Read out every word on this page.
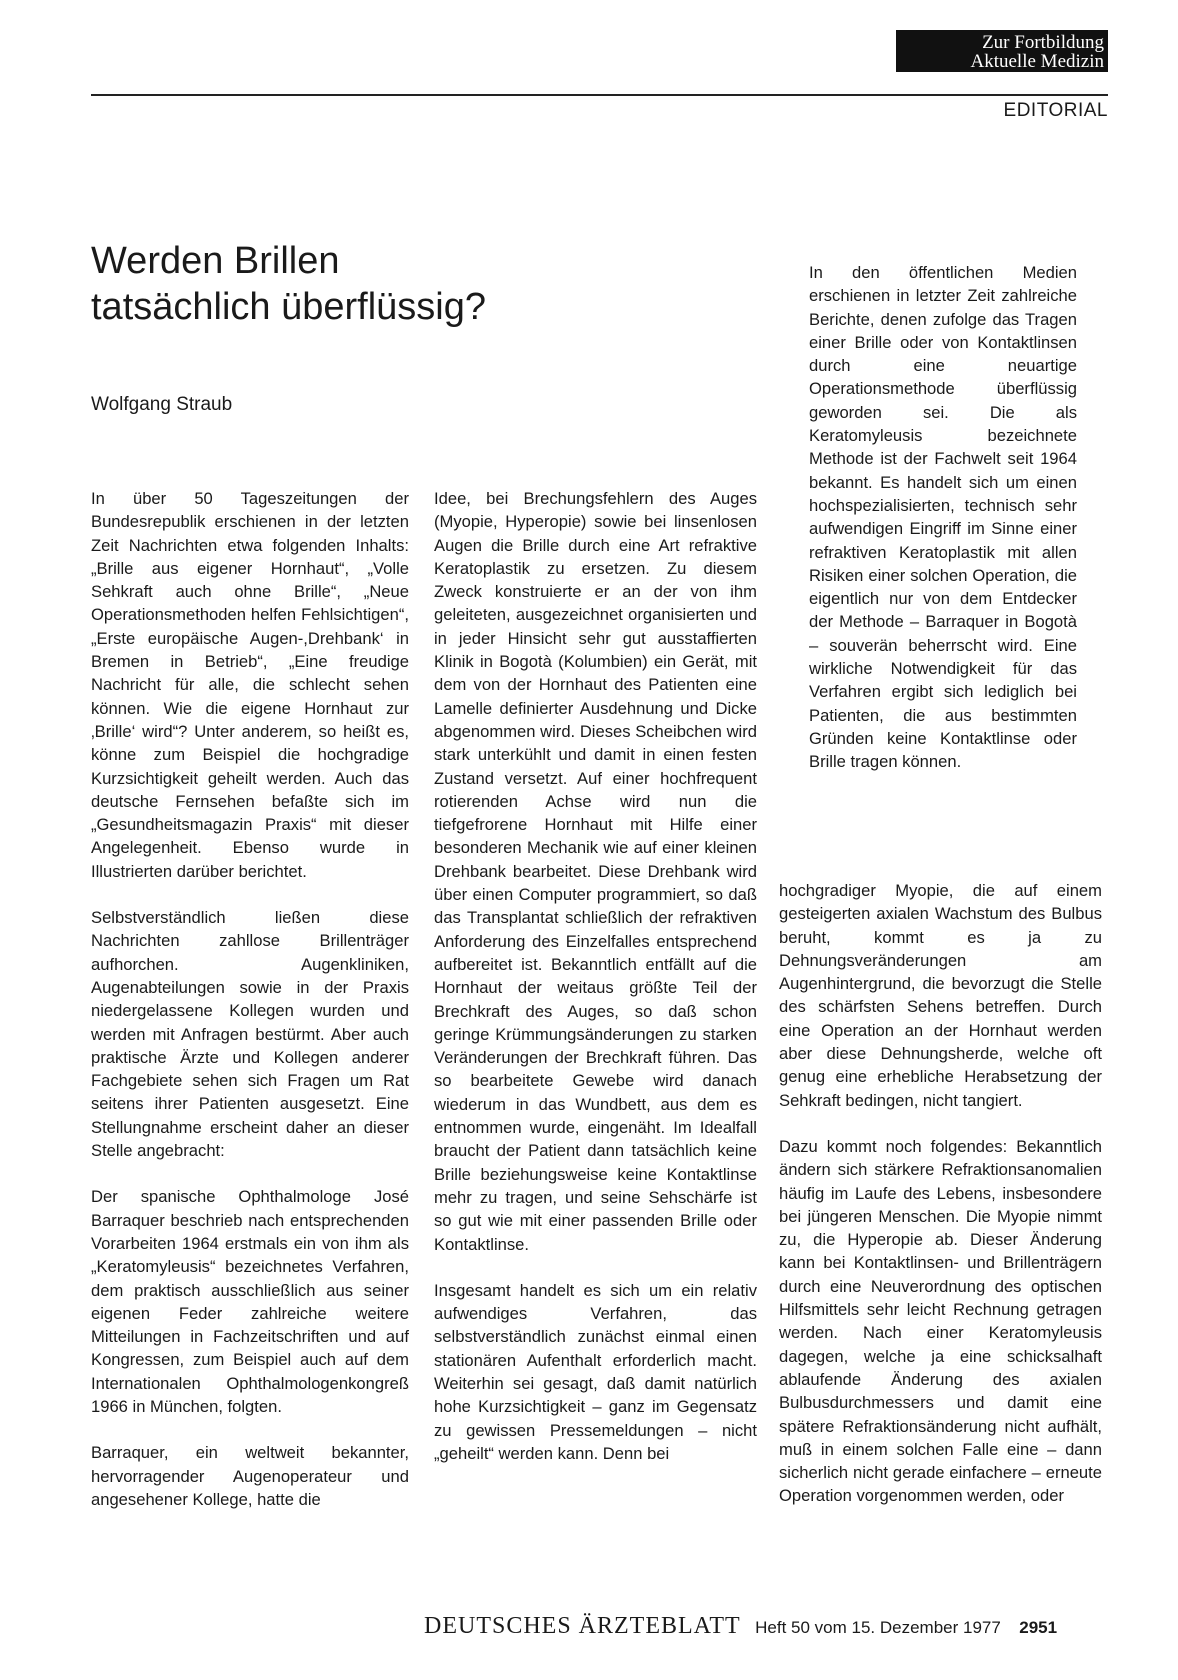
Zur Fortbildung
Aktuelle Medizin
EDITORIAL
Werden Brillen
tatsächlich überflüssig?
Wolfgang Straub

In den öffentlichen Medien erschienen in letzter Zeit zahlreiche Berichte, denen zufolge das Tragen einer Brille oder von Kontaktlinsen durch eine neuartige Operationsmethode überflüssig geworden sei. Die als Keratomyleusis bezeichnete Methode ist der Fachwelt seit 1964 bekannt. Es handelt sich um einen hochspezialisierten, technisch sehr aufwendigen Eingriff im Sinne einer refraktiven Keratoplastik mit allen Risiken einer solchen Operation, die eigentlich nur von dem Entdecker der Methode – Barraquer in Bogotà – souverän beherrscht wird. Eine wirkliche Notwendigkeit für das Verfahren ergibt sich lediglich bei Patienten, die aus bestimmten Gründen keine Kontaktlinse oder Brille tragen können.

In über 50 Tageszeitungen der Bundesrepublik erschienen in der letzten Zeit Nachrichten etwa folgenden Inhalts: „Brille aus eigener Hornhaut“, „Volle Sehkraft auch ohne Brille“, „Neue Operationsmethoden helfen Fehlsichtigen“, „Erste europäische Augen-,Drehbank‘ in Bremen in Betrieb“, „Eine freudige Nachricht für alle, die schlecht sehen können. Wie die eigene Hornhaut zur ‚Brille‘ wird“? Unter anderem, so heißt es, könne zum Beispiel die hochgradige Kurzsichtigkeit geheilt werden. Auch das deutsche Fernsehen befaßte sich im „Gesundheitsmagazin Praxis“ mit dieser Angelegenheit. Ebenso wurde in Illustrierten darüber berichtet.

Selbstverständlich ließen diese Nachrichten zahllose Brillenträger aufhorchen. Augenkliniken, Augenabteilungen sowie in der Praxis niedergelassene Kollegen wurden und werden mit Anfragen bestürmt. Aber auch praktische Ärzte und Kollegen anderer Fachgebiete sehen sich Fragen um Rat seitens ihrer Patienten ausgesetzt. Eine Stellungnahme erscheint daher an dieser Stelle angebracht:

Der spanische Ophthalmologe José Barraquer beschrieb nach entsprechenden Vorarbeiten 1964 erstmals ein von ihm als „Keratomyleusis“ bezeichnetes Verfahren, dem praktisch ausschließlich aus seiner eigenen Feder zahlreiche weitere Mitteilungen in Fachzeitschriften und auf Kongressen, zum Beispiel auch auf dem Internationalen Ophthalmologenkongreß 1966 in München, folgten.

Barraquer, ein weltweit bekannter, hervorragender Augenoperateur und angesehener Kollege, hatte die

Idee, bei Brechungsfehlern des Auges (Myopie, Hyperopie) sowie bei linsenlosen Augen die Brille durch eine Art refraktive Keratoplastik zu ersetzen. Zu diesem Zweck konstruierte er an der von ihm geleiteten, ausgezeichnet organisierten und in jeder Hinsicht sehr gut ausstaffierten Klinik in Bogotà (Kolumbien) ein Gerät, mit dem von der Hornhaut des Patienten eine Lamelle definierter Ausdehnung und Dicke abgenommen wird. Dieses Scheibchen wird stark unterkühlt und damit in einen festen Zustand versetzt. Auf einer hochfrequent rotierenden Achse wird nun die tiefgefrorene Hornhaut mit Hilfe einer besonderen Mechanik wie auf einer kleinen Drehbank bearbeitet. Diese Drehbank wird über einen Computer programmiert, so daß das Transplantat schließlich der refraktiven Anforderung des Einzelfalles entsprechend aufbereitet ist. Bekanntlich entfällt auf die Hornhaut der weitaus größte Teil der Brechkraft des Auges, so daß schon geringe Krümmungsänderungen zu starken Veränderungen der Brechkraft führen. Das so bearbeitete Gewebe wird danach wiederum in das Wundbett, aus dem es entnommen wurde, eingenäht. Im Idealfall braucht der Patient dann tatsächlich keine Brille beziehungsweise keine Kontaktlinse mehr zu tragen, und seine Sehschärfe ist so gut wie mit einer passenden Brille oder Kontaktlinse.

Insgesamt handelt es sich um ein relativ aufwendiges Verfahren, das selbstverständlich zunächst einmal einen stationären Aufenthalt erforderlich macht. Weiterhin sei gesagt, daß damit natürlich hohe Kurzsichtigkeit – ganz im Gegensatz zu gewissen Pressemeldungen – nicht „geheilt“ werden kann. Denn bei

hochgradiger Myopie, die auf einem gesteigerten axialen Wachstum des Bulbus beruht, kommt es ja zu Dehnungsveränderungen am Augenhintergrund, die bevorzugt die Stelle des schärfsten Sehens betreffen. Durch eine Operation an der Hornhaut werden aber diese Dehnungsherde, welche oft genug eine erhebliche Herabsetzung der Sehkraft bedingen, nicht tangiert.

Dazu kommt noch folgendes: Bekanntlich ändern sich stärkere Refraktionsanomalien häufig im Laufe des Lebens, insbesondere bei jüngeren Menschen. Die Myopie nimmt zu, die Hyperopie ab. Dieser Änderung kann bei Kontaktlinsen- und Brillenträgern durch eine Neuverordnung des optischen Hilfsmittels sehr leicht Rechnung getragen werden. Nach einer Keratomyleusis dagegen, welche ja eine schicksalhaft ablaufende Änderung des axialen Bulbusdurchmessers und damit eine spätere Refraktionsänderung nicht aufhält, muß in einem solchen Falle eine – dann sicherlich nicht gerade einfachere – erneute Operation vorgenommen werden, oder

DEUTSCHES ÄRZTEBLATT Heft 50 vom 15. Dezember 1977 2951
